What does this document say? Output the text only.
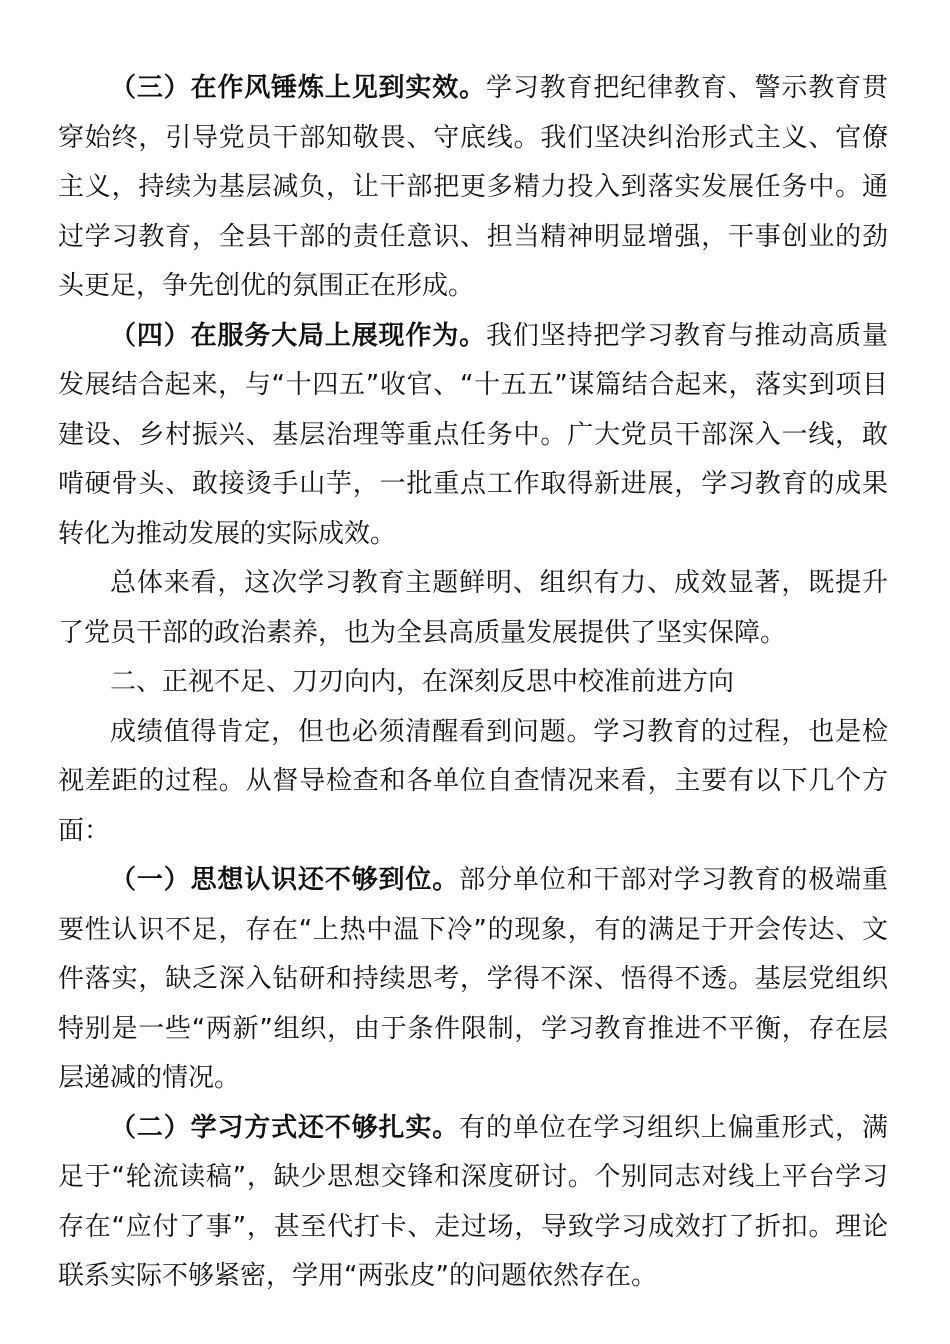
（三）在作风锤炼上见到实效。学习教育把纪律教育、警示教育贯穿始终，引导党员干部知敬畏、守底线。我们坚决纠治形式主义、官僚主义，持续为基层减负，让干部把更多精力投入到落实发展任务中。通过学习教育，全县干部的责任意识、担当精神明显增强，干事创业的劲头更足，争先创优的氛围正在形成。

（四）在服务大局上展现作为。我们坚持把学习教育与推动高质量发展结合起来，与“十四五”收官、“十五五”谋篇结合起来，落实到项目建设、乡村振兴、基层治理等重点任务中。广大党员干部深入一线，敢啃硬骨头、敢接烫手山芋，一批重点工作取得新进展，学习教育的成果转化为推动发展的实际成效。

总体来看，这次学习教育主题鲜明、组织有力、成效显著，既提升了党员干部的政治素养，也为全县高质量发展提供了坚实保障。

二、正视不足、刀刃向内，在深刻反思中校准前进方向

成绩值得肯定，但也必须清醒看到问题。学习教育的过程，也是检视差距的过程。从督导检查和各单位自查情况来看，主要有以下几个方面：

（一）思想认识还不够到位。部分单位和干部对学习教育的极端重要性认识不足，存在“上热中温下冷”的现象，有的满足于开会传达、文件落实，缺乏深入钻研和持续思考，学得不深、悟得不透。基层党组织特别是一些“两新”组织，由于条件限制，学习教育推进不平衡，存在层层递减的情况。

（二）学习方式还不够扎实。有的单位在学习组织上偏重形式，满足于“轮流读稿”，缺少思想交锋和深度研讨。个别同志对线上平台学习存在“应付了事”，甚至代打卡、走过场，导致学习成效打了折扣。理论联系实际不够紧密，学用“两张皮”的问题依然存在。
